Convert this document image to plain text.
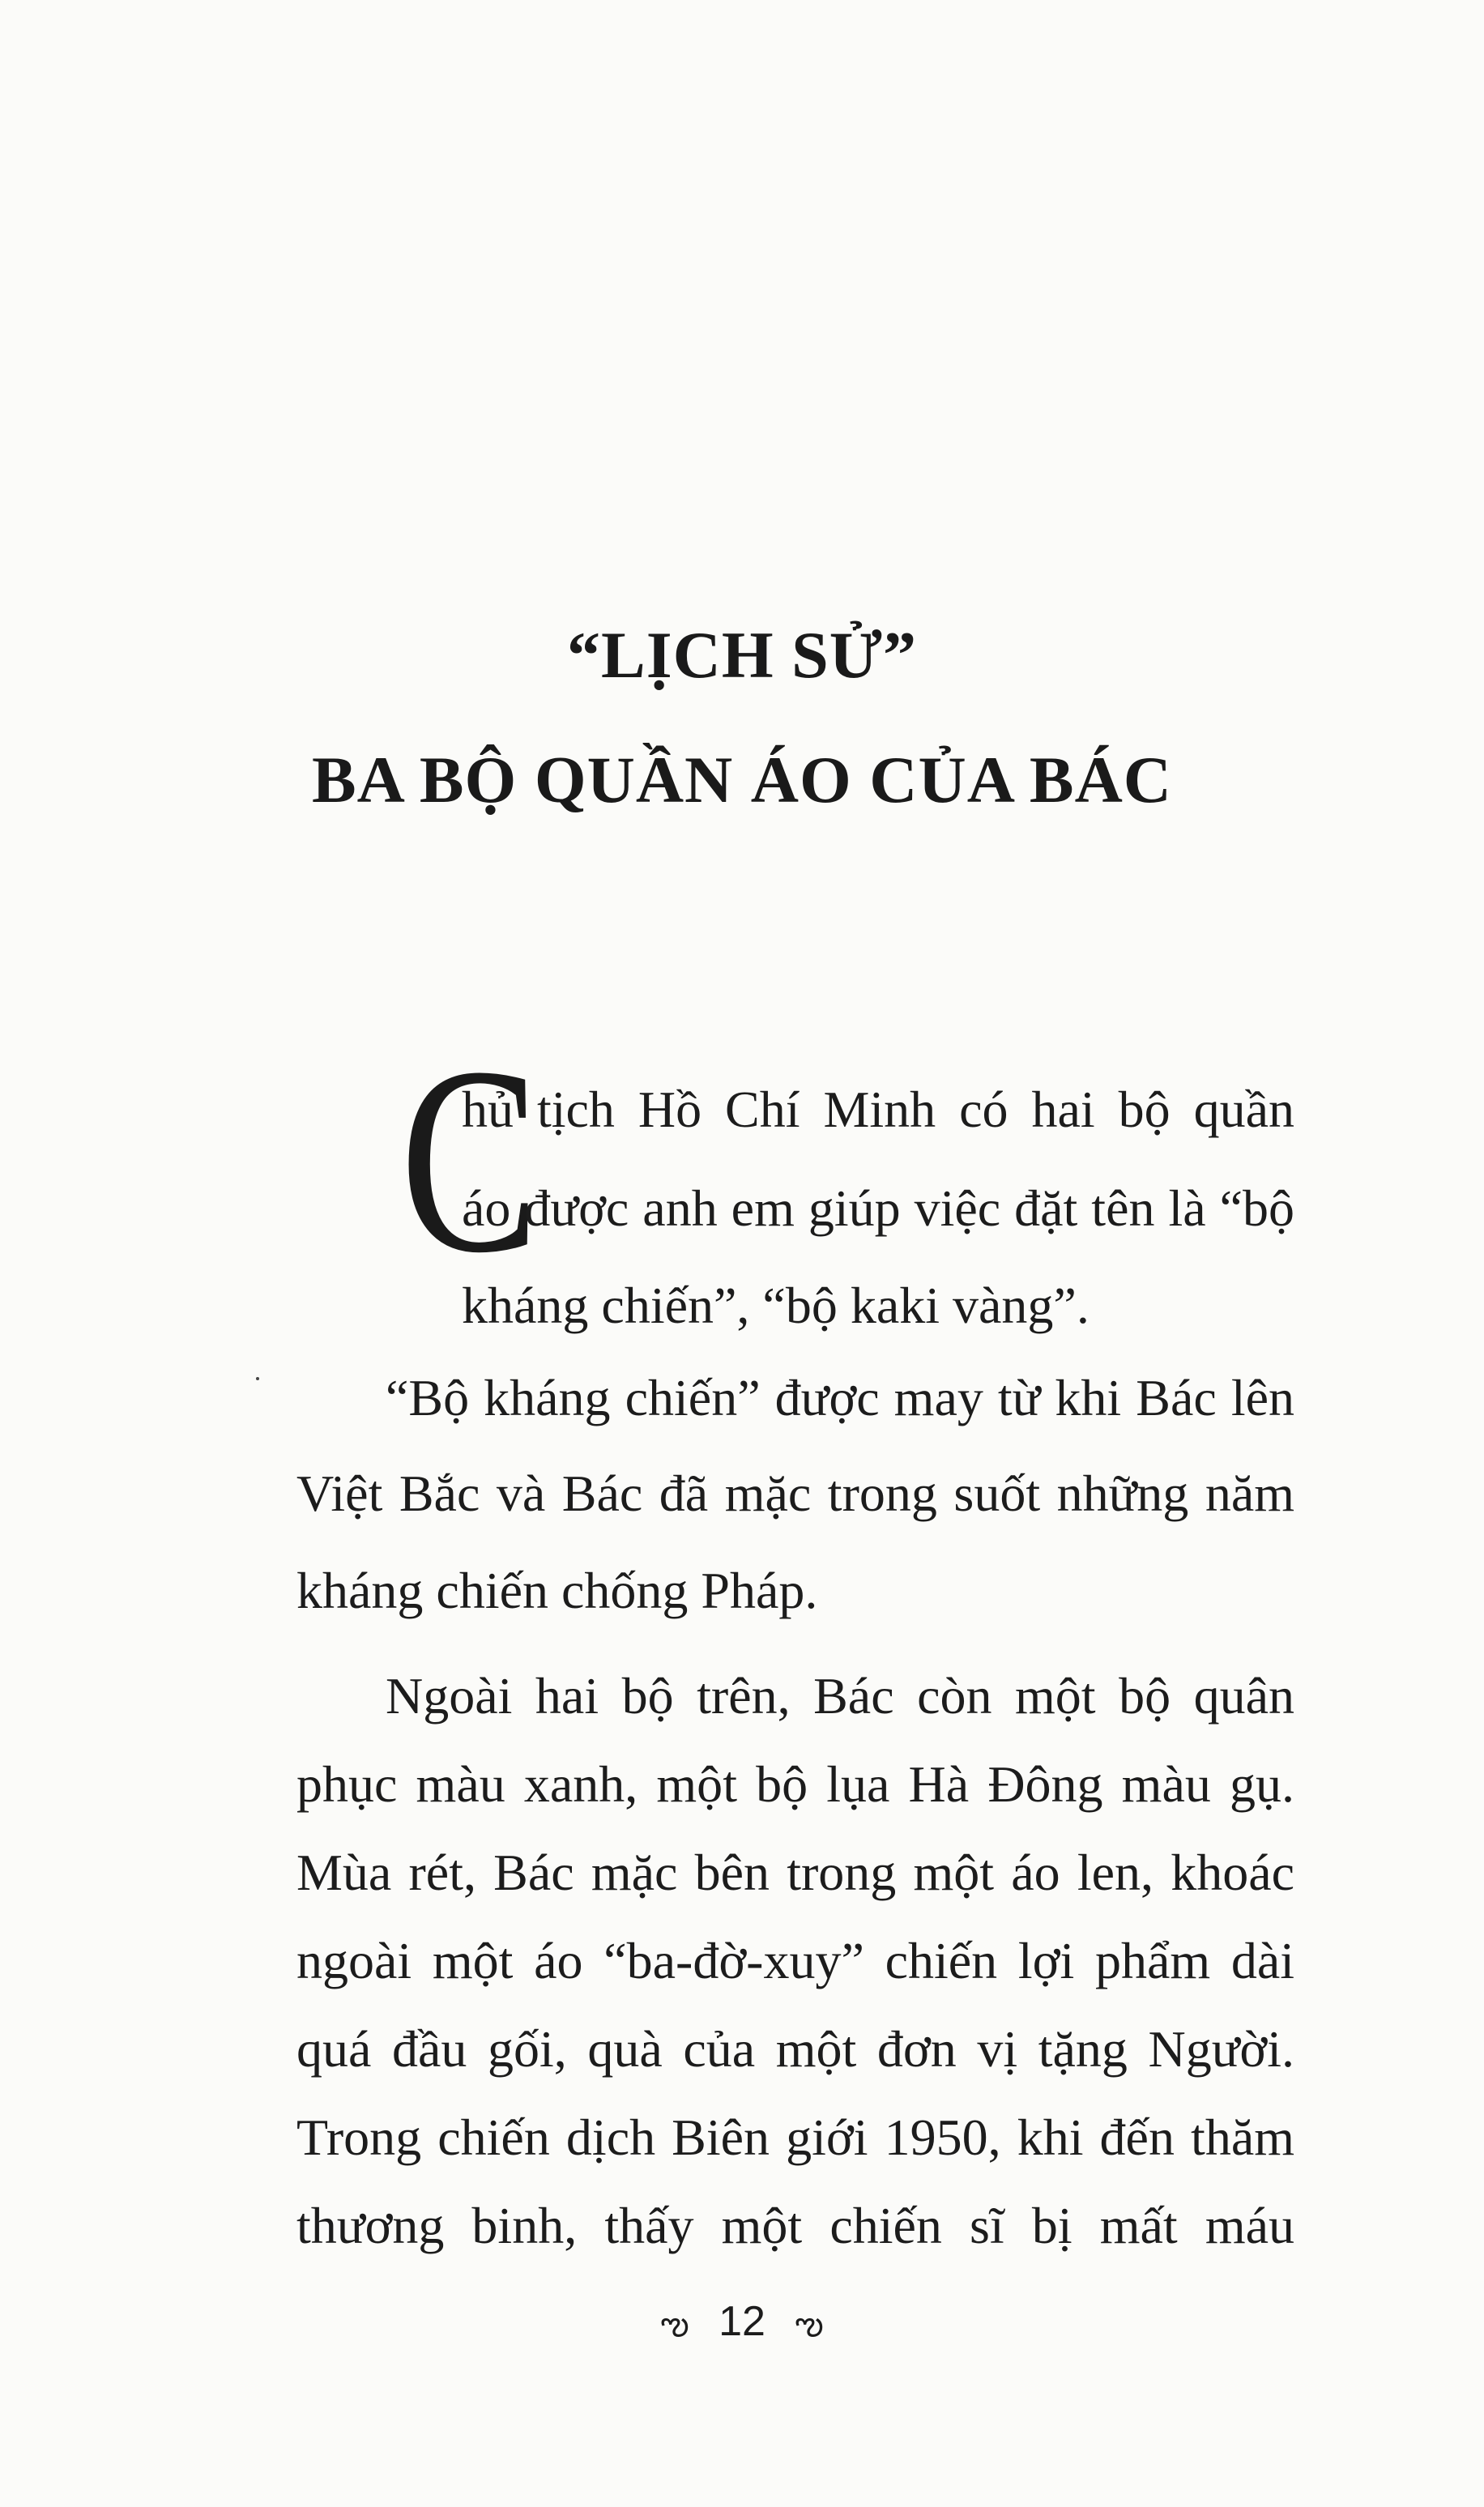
“LỊCH SỬ”
BA BỘ QUẦN ÁO CỦA BÁC
C
hủ tịch Hồ Chí Minh có hai bộ quần
áo được anh em giúp việc đặt tên là “bộ
kháng chiến”, “bộ kaki vàng”.
“Bộ kháng chiến” được may từ khi Bác lên
Việt Bắc và Bác đã mặc trong suốt những năm
kháng chiến chống Pháp.
Ngoài hai bộ trên, Bác còn một bộ quân
phục màu xanh, một bộ lụa Hà Đông màu gụ.
Mùa rét, Bác mặc bên trong một áo len, khoác
ngoài một áo “ba-đờ-xuy” chiến lợi phẩm dài
quá đầu gối, quà của một đơn vị tặng Người.
Trong chiến dịch Biên giới 1950, khi đến thăm
thương binh, thấy một chiến sĩ bị mất máu
ఌ 12 ఌ
